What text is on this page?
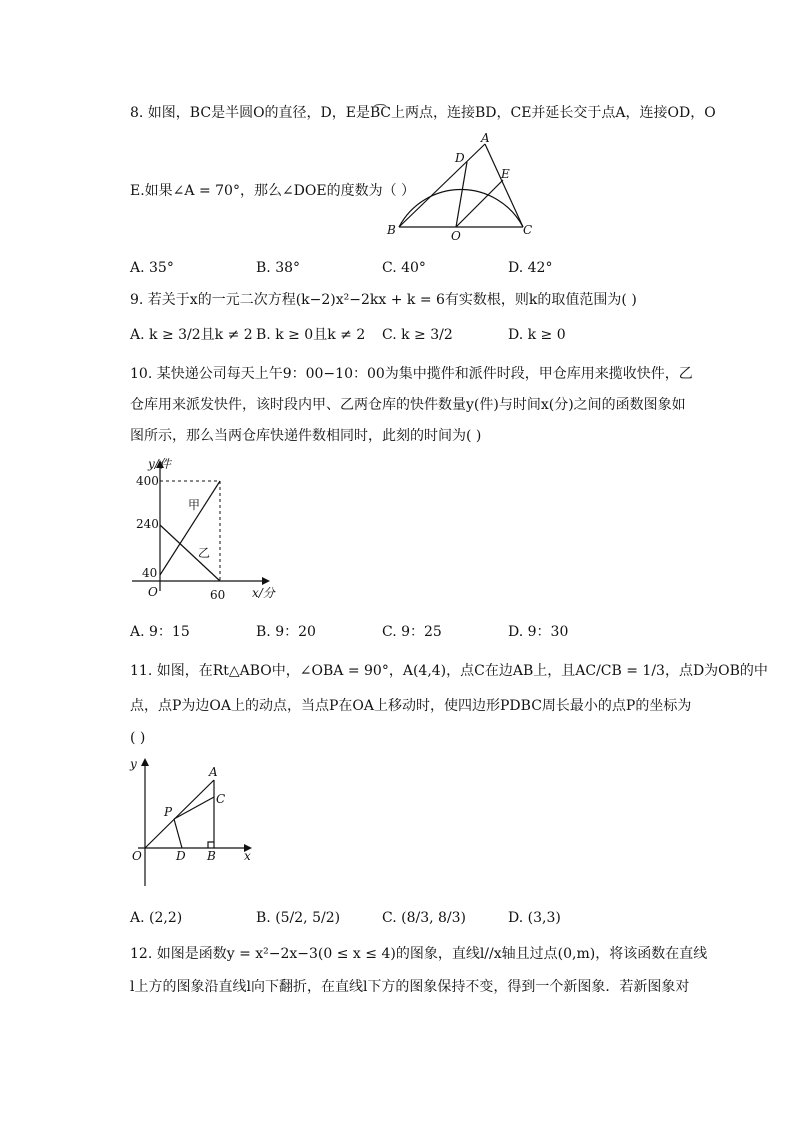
8. 如图，BC是半圆O的直径，D，E是B͡C上两点，连接BD，CE并延长交于点A，连接OD，O
E.如果∠A = 70°，那么∠DOE的度数为（ ）
A
D
E
B	O	C
A. 35°	B. 38°	C. 40°	D. 42°
9. 若关于x的一元二次方程(k−2)x²−2kx + k = 6有实数根，则k的取值范围为( )
A. k ≥ 3/2且k ≠ 2 B. k ≥ 0且k ≠ 2 C. k ≥ 3/2	D. k ≥ 0
10. 某快递公司每天上午9：00−10：00为集中揽件和派件时段，甲仓库用来揽收快件，乙
仓库用来派发快件，该时段内甲、乙两仓库的快件数量y(件)与时间x(分)之间的函数图象如
图所示，那么当两仓库快递件数相同时，此刻的时间为( )
y/件
x/分
O
400
240
40
60
甲
乙
A. 9：15	B. 9：20	C. 9：25	D. 9：30
11. 如图，在Rt△ABO中，∠OBA = 90°，A(4,4)，点C在边AB上，且AC/CB = 1/3，点D为OB的中
点，点P为边OA上的动点，当点P在OA上移动时，使四边形PDBC周长最小的点P的坐标为
( )
y
x
O
A
C
P
D B
A. (2,2)	B. (5/2, 5/2)	C. (8/3, 8/3)	D. (3,3)
12. 如图是函数y = x²−2x−3(0 ≤ x ≤ 4)的图象，直线l//x轴且过点(0,m)，将该函数在直线
l上方的图象沿直线l向下翻折，在直线l下方的图象保持不变，得到一个新图象．若新图象对
